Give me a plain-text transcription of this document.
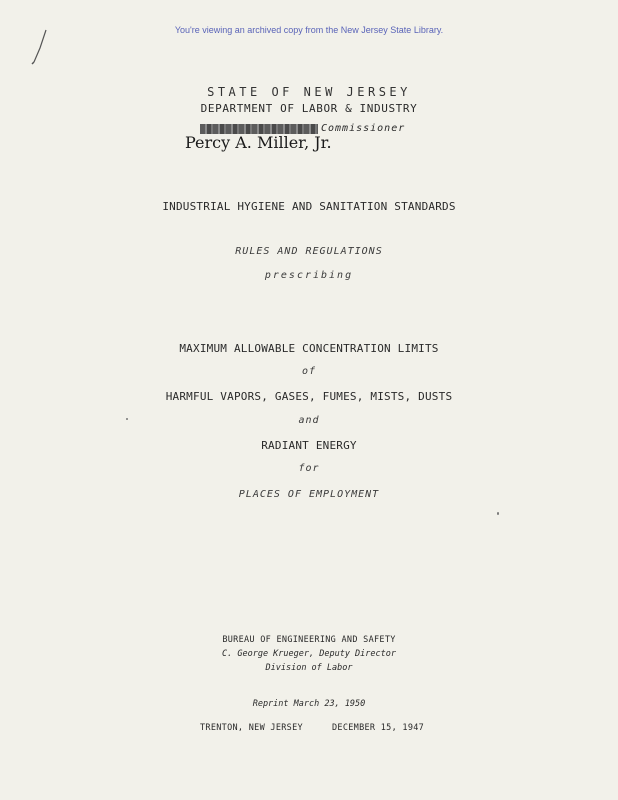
You're viewing an archived copy from the New Jersey State Library.
STATE OF NEW JERSEY
DEPARTMENT OF LABOR & INDUSTRY
Commissioner
Percy A. Miller, Jr.
INDUSTRIAL HYGIENE AND SANITATION STANDARDS
RULES AND REGULATIONS
prescribing
MAXIMUM ALLOWABLE CONCENTRATION LIMITS
of
HARMFUL VAPORS, GASES, FUMES, MISTS, DUSTS
and
RADIANT ENERGY
for
PLACES OF EMPLOYMENT
BUREAU OF ENGINEERING AND SAFETY
C. George Krueger, Deputy Director
Division of Labor
Reprint March 23, 1950
TRENTON, NEW JERSEY	DECEMBER 15, 1947
